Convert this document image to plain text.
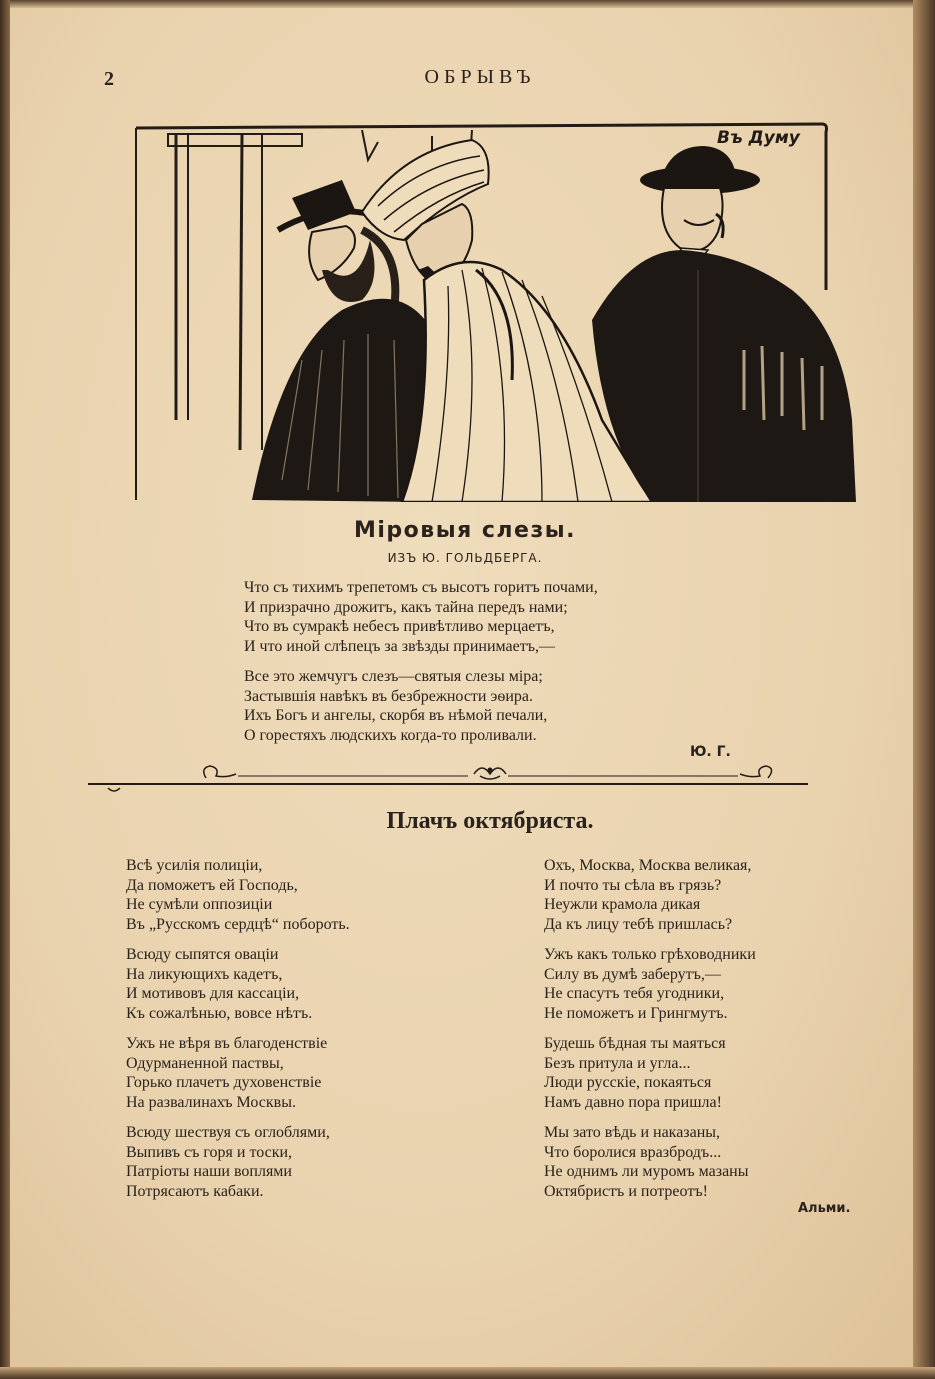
2	ОБРЫВЪ
Въ Думу
Міровыя слезы.
ИЗЪ Ю. ГОЛЬДБЕРГА.
Что съ тихимъ трепетомъ съ высотъ горитъ почами,
И призрачно дрожитъ, какъ тайна передъ нами;
Что въ сумракѣ небесъ привѣтливо мерцаетъ,
И что иной слѣпецъ за звѣзды принимаетъ,—
Все это жемчугъ слезъ—святыя слезы міра;
Застывшія навѣкъ въ безбрежности эѳира.
Ихъ Богъ и ангелы, скорбя въ нѣмой печали,
О горестяхъ людскихъ когда-то проливали.
Ю. Г.
Плачъ октябриста.
Всѣ усилія полиціи,
Да поможетъ ей Господь,
Не сумѣли оппозиціи
Въ „Русскомъ сердцѣ“ побороть.
Всюду сыпятся оваціи
На ликующихъ кадетъ,
И мотивовъ для кассаціи,
Къ сожалѣнью, вовсе нѣтъ.
Ужъ не вѣря въ благоденствіе
Одурманенной паствы,
Горько плачетъ духовенствіе
На развалинахъ Москвы.
Всюду шествуя съ оглоблями,
Выпивъ съ горя и тоски,
Патріоты наши воплями
Потрясаютъ кабаки.
Охъ, Москва, Москва великая,
И почто ты сѣла въ грязь?
Неужли крамола дикая
Да къ лицу тебѣ пришлась?
Ужъ какъ только грѣховодники
Силу въ думѣ заберутъ,—
Не спасутъ тебя угодники,
Не поможетъ и Грингмутъ.
Будешь бѣдная ты маяться
Безъ притула и угла...
Люди русскіе, покаяться
Намъ давно пора пришла!
Мы зато вѣдь и наказаны,
Что боролися вразбродъ...
Не однимъ ли муромъ мазаны
Октябристъ и потреотъ!
Альми.
